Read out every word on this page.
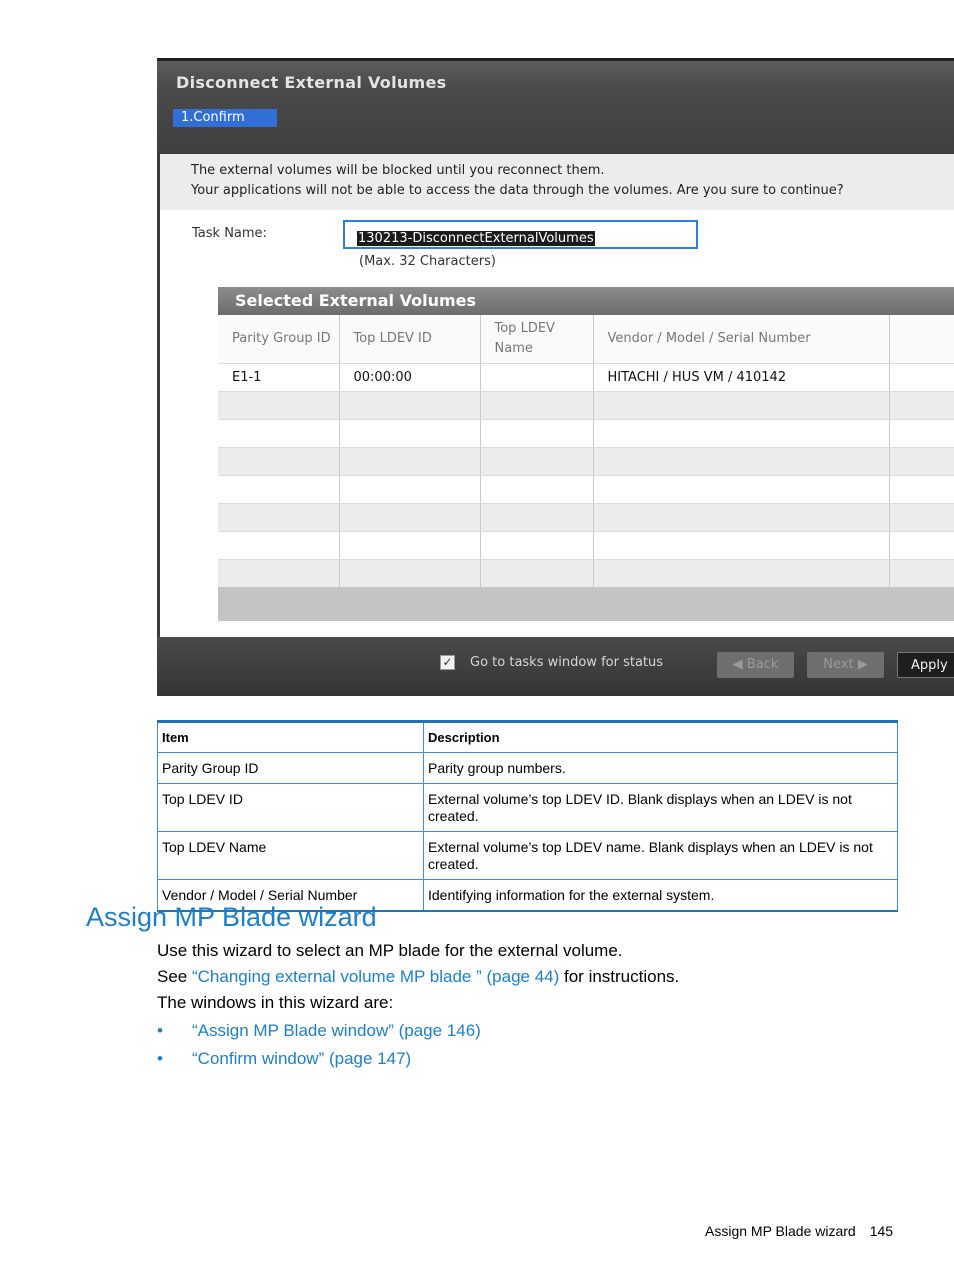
Disconnect External Volumes
1.Confirm
The external volumes will be blocked until you reconnect them.
Your applications will not be able to access the data through the volumes. Are you sure to continue?
Task Name:	130213-DisconnectExternalVolumes
(Max. 32 Characters)
Selected External Volumes
Parity Group ID	Top LDEV ID	Top LDEV Name	Vendor / Model / Serial Number	
E1-1	00:00:00		HITACHI / HUS VM / 410142	

✓ Go to tasks window for status	◀ Back	Next ▶	Apply
Item	Description
Parity Group ID	Parity group numbers.
Top LDEV ID	External volume’s top LDEV ID. Blank displays when an LDEV is not created.
Top LDEV Name	External volume’s top LDEV name. Blank displays when an LDEV is not created.
Vendor / Model / Serial Number	Identifying information for the external system.
Assign MP Blade wizard

Use this wizard to select an MP blade for the external volume.

See “Changing external volume MP blade ” (page 44) for instructions.

The windows in this wizard are:

• “Assign MP Blade window” (page 146)
• “Confirm window” (page 147)
Assign MP Blade wizard 145
